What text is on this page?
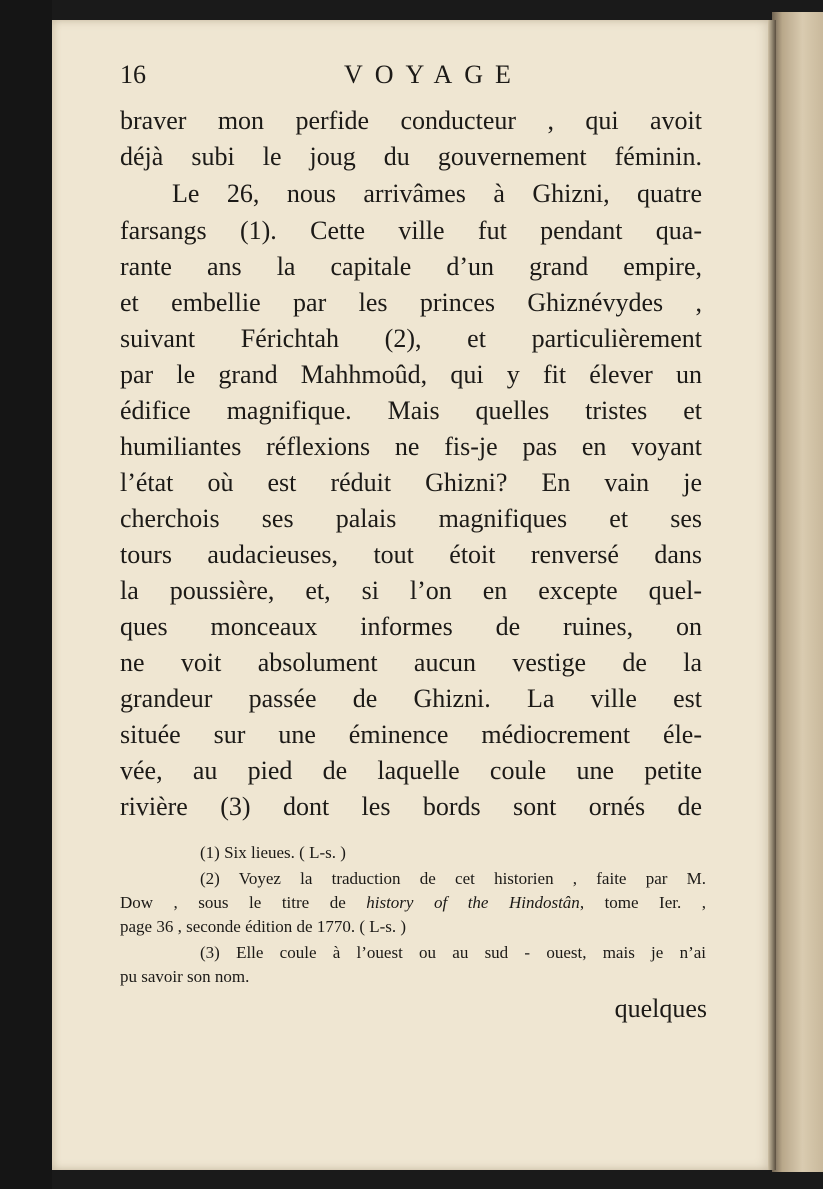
16	VOYAGE
braver mon perfide conducteur , qui avoit
déjà subi le joug du gouvernement féminin.
Le 26, nous arrivâmes à Ghizni, quatre
farsangs (1). Cette ville fut pendant qua-
rante ans la capitale d’un grand empire,
et embellie par les princes Ghiznévydes ,
suivant Férichtah (2), et particulièrement
par le grand Mahhmoûd, qui y fit élever un
édifice magnifique. Mais quelles tristes et
humiliantes réflexions ne fis-je pas en voyant
l’état où est réduit Ghizni? En vain je
cherchois ses palais magnifiques et ses
tours audacieuses, tout étoit renversé dans
la poussière, et, si l’on en excepte quel-
ques monceaux informes de ruines, on
ne voit absolument aucun vestige de la
grandeur passée de Ghizni. La ville est
située sur une éminence médiocrement éle-
vée, au pied de laquelle coule une petite
rivière (3) dont les bords sont ornés de
(1) Six lieues. ( L-s. )
(2) Voyez la traduction de cet historien , faite par M.
Dow , sous le titre de history of the Hindostân, tome Ier. ,
page 36 , seconde édition de 1770. ( L-s. )
(3) Elle coule à l’ouest ou au sud - ouest, mais je n’ai
pu savoir son nom.
quelques
